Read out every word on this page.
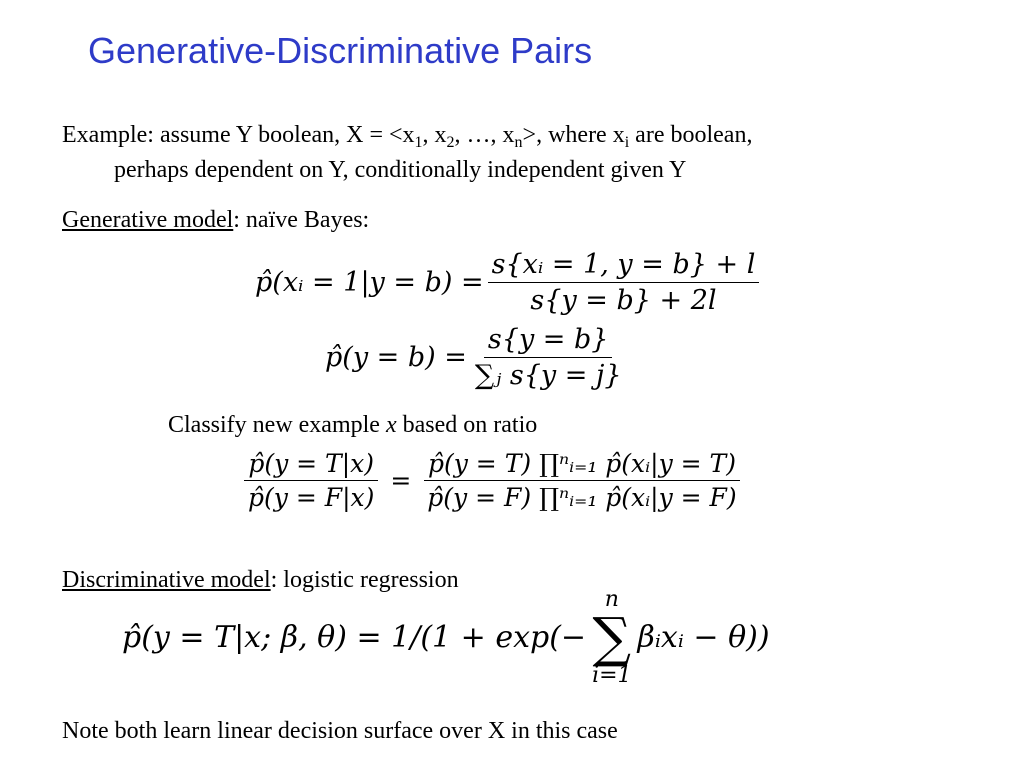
Generative-Discriminative Pairs
Example: assume Y boolean, $X = <x_1$, $x_2$, …, $x_n>$, where $x_i$ are boolean,
perhaps dependent on Y, conditionally independent given Y
Generative model: naïve Bayes:
p̂(xᵢ = $1|y = b) = \frac{\text{s\{xᵢ = 1, y = b\} + l}}{s\{y = b\} + 2l}$
p̂(y = $b) = \frac{s\{y = b\}}{\text{∑ⱼ s\{y = j\}}}$
Classify new example x based on ratio
$\frac{p̂(y = T|x)}{p̂(y = F|x)} = \frac{\text{p̂(y = T) ∏ⁿᵢ₌₁ p̂(xᵢ|y = T)}}{\text{p̂(y = F) ∏ⁿᵢ₌₁ p̂(xᵢ|y = F)}}$
Discriminative model: logistic regression
p̂(y = T|x; β, θ) = 1/(1 + exp(−
n
∑
i=1
βᵢxᵢ − θ))
Note both learn linear decision surface over X in this case
